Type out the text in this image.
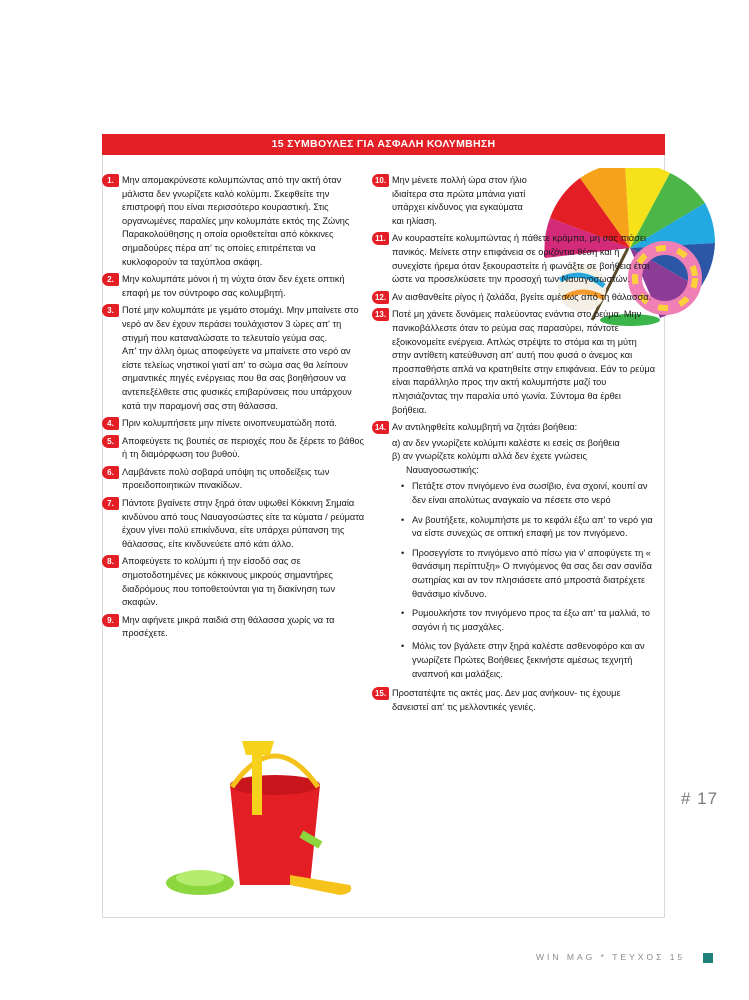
15 ΣΥΜΒΟΥΛΕΣ ΓΙΑ ΑΣΦΑΛΗ ΚΟΛΥΜΒΗΣΗ
1. Μην απομακρύνεστε κολυμπώντας από την ακτή όταν μάλιστα δεν γνωρίζετε καλό κολύμπι. Σκεφθείτε την επιστροφή που είναι περισσότερο κουραστική. Στις οργανωμένες παραλίες μην κολυμπάτε εκτός της Ζώνης Παρακολούθησης η οποία οριοθετείται από κόκκινες σημαδούρες πέρα απ' τις οποίες επιτρέπεται να κυκλοφορούν τα ταχύπλοα σκάφη.

2. Μην κολυμπάτε μόνοι ή τη νύχτα όταν δεν έχετε οπτική επαφή με τον σύντροφο σας κολυμβητή.

3. Ποτέ μην κολυμπάτε με γεμάτο στομάχι. Μην μπαίνετε στο νερό αν δεν έχουν περάσει τουλάχιστον 3 ώρες απ' τη στιγμή που καταναλώσατε το τελευταίο γεύμα σας.

Απ' την άλλη όμως αποφεύγετε να μπαίνετε στο νερό αν είστε τελείως νηστικοί γιατί απ' το σώμα σας θα λείπουν σημαντικές πηγές ενέργειας που θα σας βοηθήσουν να αντεπεξέλθετε στις φυσικές επιβαρύνσεις που υπάρχουν κατά την παραμονή σας στη θάλασσα.

4. Πριν κολυμπήσετε μην πίνετε οινοπνευματώδη ποτά.

5. Αποφεύγετε τις βουτιές σε περιοχές που δε ξέρετε το βάθος ή τη διαμόρφωση του βυθού.

6. Λαμβάνετε πολύ σοβαρά υπόψη τις υποδείξεις των προειδοποιητικών πινακίδων.

7. Πάντοτε βγαίνετε στην ξηρά όταν υψωθεί Κόκκινη Σημαία κινδύνου από τους Ναυαγοσώστες είτε τα κύματα / ρεύματα έχουν γίνει πολύ επικίνδυνα, είτε υπάρχει ρύπανση της θάλασσας, είτε κινδυνεύετε από κάτι άλλο.

8. Αποφεύγετε το κολύμπι ή την είσοδό σας σε σημοτοδοτημένες με κόκκινους μικρούς σημαντήρες διαδρόμους που τοποθετούνται για τη διακίνηση των σκαφών.

9. Μην αφήνετε μικρά παιδιά στη θάλασσα χωρίς να τα προσέχετε.

10. Μην μένετε πολλή ώρα στον ήλιο ιδιαίτερα στα πρώτα μπάνια γιατί υπάρχει κίνδυνος για εγκαύματα και ηλίαση.

11. Αν κουραστείτε κολυμπώντας ή πάθετε κράμπα, μη σας πιάσει πανικός. Μείνετε στην επιφάνεια σε οριζόντια θέση και ή συνεχίστε ήρεμα όταν ξεκουραστείτε ή φωνάξτε σε βοήθεια έτσι ώστε να προσελκύσετε την προσοχή των Ναυαγοσωστών.

12. Αν αισθανθείτε ρίγος ή ζαλάδα, βγείτε αμέσως από τη θάλασσα.

13. Ποτέ μη χάνετε δυνάμεις παλεύοντας ενάντια στο ρεύμα. Μην πανικοβάλλεστε όταν το ρεύμα σας παρασύρει, πάντοτε εξοικονομείτε ενέργεια. Απλώς στρέψτε το στόμα και τη μύτη στην αντίθετη κατεύθυνση απ' αυτή που φυσά ο άνεμος και προσπαθήστε απλά να κρατηθείτε στην επιφάνεια. Εάν το ρεύμα είναι παράλληλο προς την ακτή κολυμπήστε μαζί του πλησιάζοντας την παραλία υπό γωνία. Σύντομα θα έρθει βοήθεια.

14. Αν αντιληφθείτε κολυμβητή να ζητάει βοήθεια:

α) αν δεν γνωρίζετε κολύμπι καλέστε κι εσείς σε βοήθεια

β) αν γνωρίζετε κολύμπι αλλά δεν έχετε γνώσεις Ναυαγοσωστικής:

• Πετάξτε στον πνιγόμενο ένα σωσίβιο, ένα σχοινί, κουπί αν δεν είναι απολύτως αναγκαίο να πέσετε στο νερό
• Αν βουτήξετε, κολυμπήστε με το κεφάλι έξω απ' το νερό για να είστε συνεχώς σε οπτική επαφή με τον πνιγόμενο.
• Προσεγγίστε το πνιγόμενο από πίσω για ν' αποφύγετε τη « θανάσιμη περίπτυξη» Ο πνιγόμενος θα σας δει σαν σανίδα σωτηρίας και αν τον πλησιάσετε από μπροστά διατρέχετε θανάσιμο κίνδυνο.
• Ρυμουλκήστε τον πνιγόμενο προς τα έξω απ' τα μαλλιά, το σαγόνι ή τις μασχάλες.
• Μόλις τον βγάλετε στην ξηρά καλέστε ασθενοφόρο και αν γνωρίζετε Πρώτες Βοήθειες ξεκινήστε αμέσως τεχνητή αναπνοή και μαλάξεις.
15. Προστατέψτε τις ακτές μας. Δεν μας ανήκουν- τις έχουμε δανειστεί απ' τις μελλοντικές γενιές.

# 17
WIN MAG * ΤΕΥΧΟΣ 15
